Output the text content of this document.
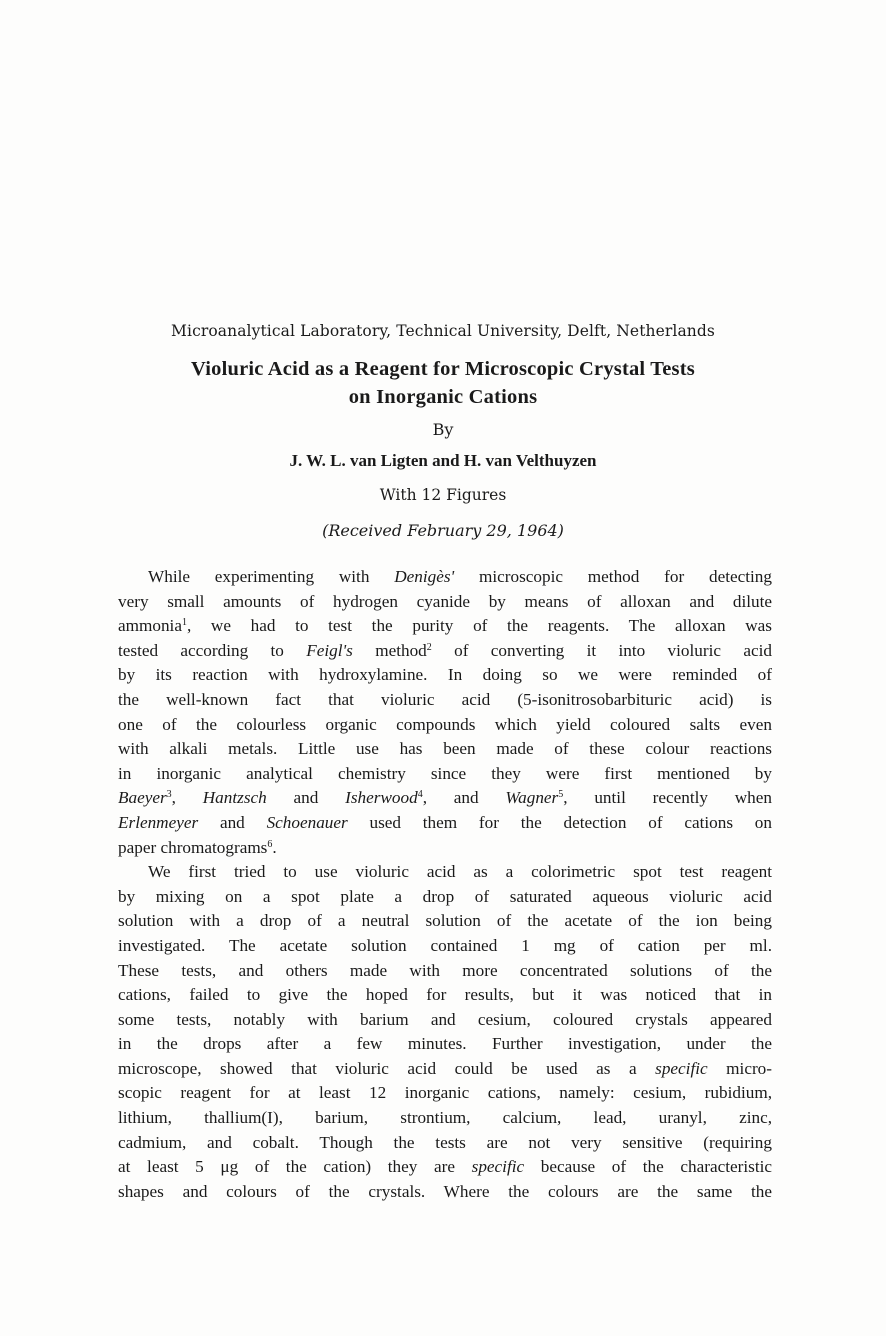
Microanalytical Laboratory, Technical University, Delft, Netherlands
Violuric Acid as a Reagent for Microscopic Crystal Tests
on Inorganic Cations
By
J. W. L. van Ligten and H. van Velthuyzen
With 12 Figures
(Received February 29, 1964)
While experimenting with Denigès' microscopic method for detecting
very small amounts of hydrogen cyanide by means of alloxan and dilute
ammonia$^1$, we had to test the purity of the reagents. The alloxan was
tested according to Feigl's method$^2$ of converting it into violuric acid
by its reaction with hydroxylamine. In doing so we were reminded of
the well-known fact that violuric acid (5-isonitrosobarbituric acid) is
one of the colourless organic compounds which yield coloured salts even
with alkali metals. Little use has been made of these colour reactions
in inorganic analytical chemistry since they were first mentioned by
Baeyer$^3$, Hantzsch and Isherwood$^4$, and Wagner$^5$, until recently when
Erlenmeyer and Schoenauer used them for the detection of cations on
paper chromatograms$^6$.
We first tried to use violuric acid as a colorimetric spot test reagent
by mixing on a spot plate a drop of saturated aqueous violuric acid
solution with a drop of a neutral solution of the acetate of the ion being
investigated. The acetate solution contained 1 mg of cation per ml.
These tests, and others made with more concentrated solutions of the
cations, failed to give the hoped for results, but it was noticed that in
some tests, notably with barium and cesium, coloured crystals appeared
in the drops after a few minutes. Further investigation, under the
microscope, showed that violuric acid could be used as a specific micro-
scopic reagent for at least 12 inorganic cations, namely: cesium, rubidium,
lithium, thallium(I), barium, strontium, calcium, lead, uranyl, zinc,
cadmium, and cobalt. Though the tests are not very sensitive (requiring
at least 5 μg of the cation) they are specific because of the characteristic
shapes and colours of the crystals. Where the colours are the same the
